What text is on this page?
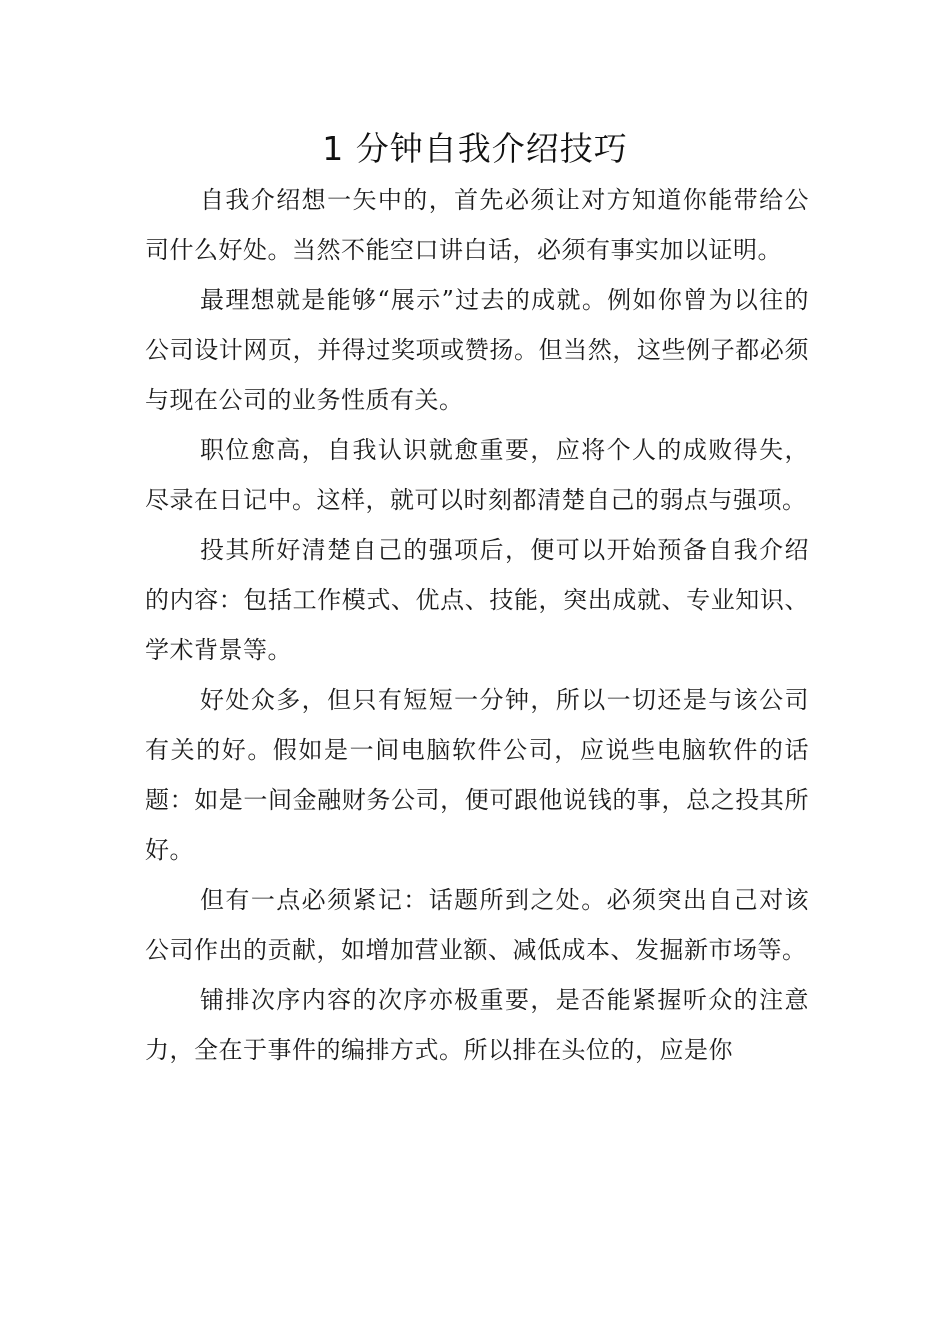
1 分钟自我介绍技巧

自我介绍想一矢中的，首先必须让对方知道你能带给公司什么好处。当然不能空口讲白话，必须有事实加以证明。

最理想就是能够“展示”过去的成就。例如你曾为以往的公司设计网页，并得过奖项或赞扬。但当然，这些例子都必须与现在公司的业务性质有关。

职位愈高，自我认识就愈重要，应将个人的成败得失，尽录在日记中。这样，就可以时刻都清楚自己的弱点与强项。

投其所好清楚自己的强项后，便可以开始预备自我介绍的内容：包括工作模式、优点、技能，突出成就、专业知识、学术背景等。

好处众多，但只有短短一分钟，所以一切还是与该公司有关的好。假如是一间电脑软件公司，应说些电脑软件的话题：如是一间金融财务公司，便可跟他说钱的事，总之投其所好。

但有一点必须紧记：话题所到之处。必须突出自己对该公司作出的贡献，如增加营业额、减低成本、发掘新市场等。

铺排次序内容的次序亦极重要，是否能紧握听众的注意力，全在于事件的编排方式。所以排在头位的，应是你
